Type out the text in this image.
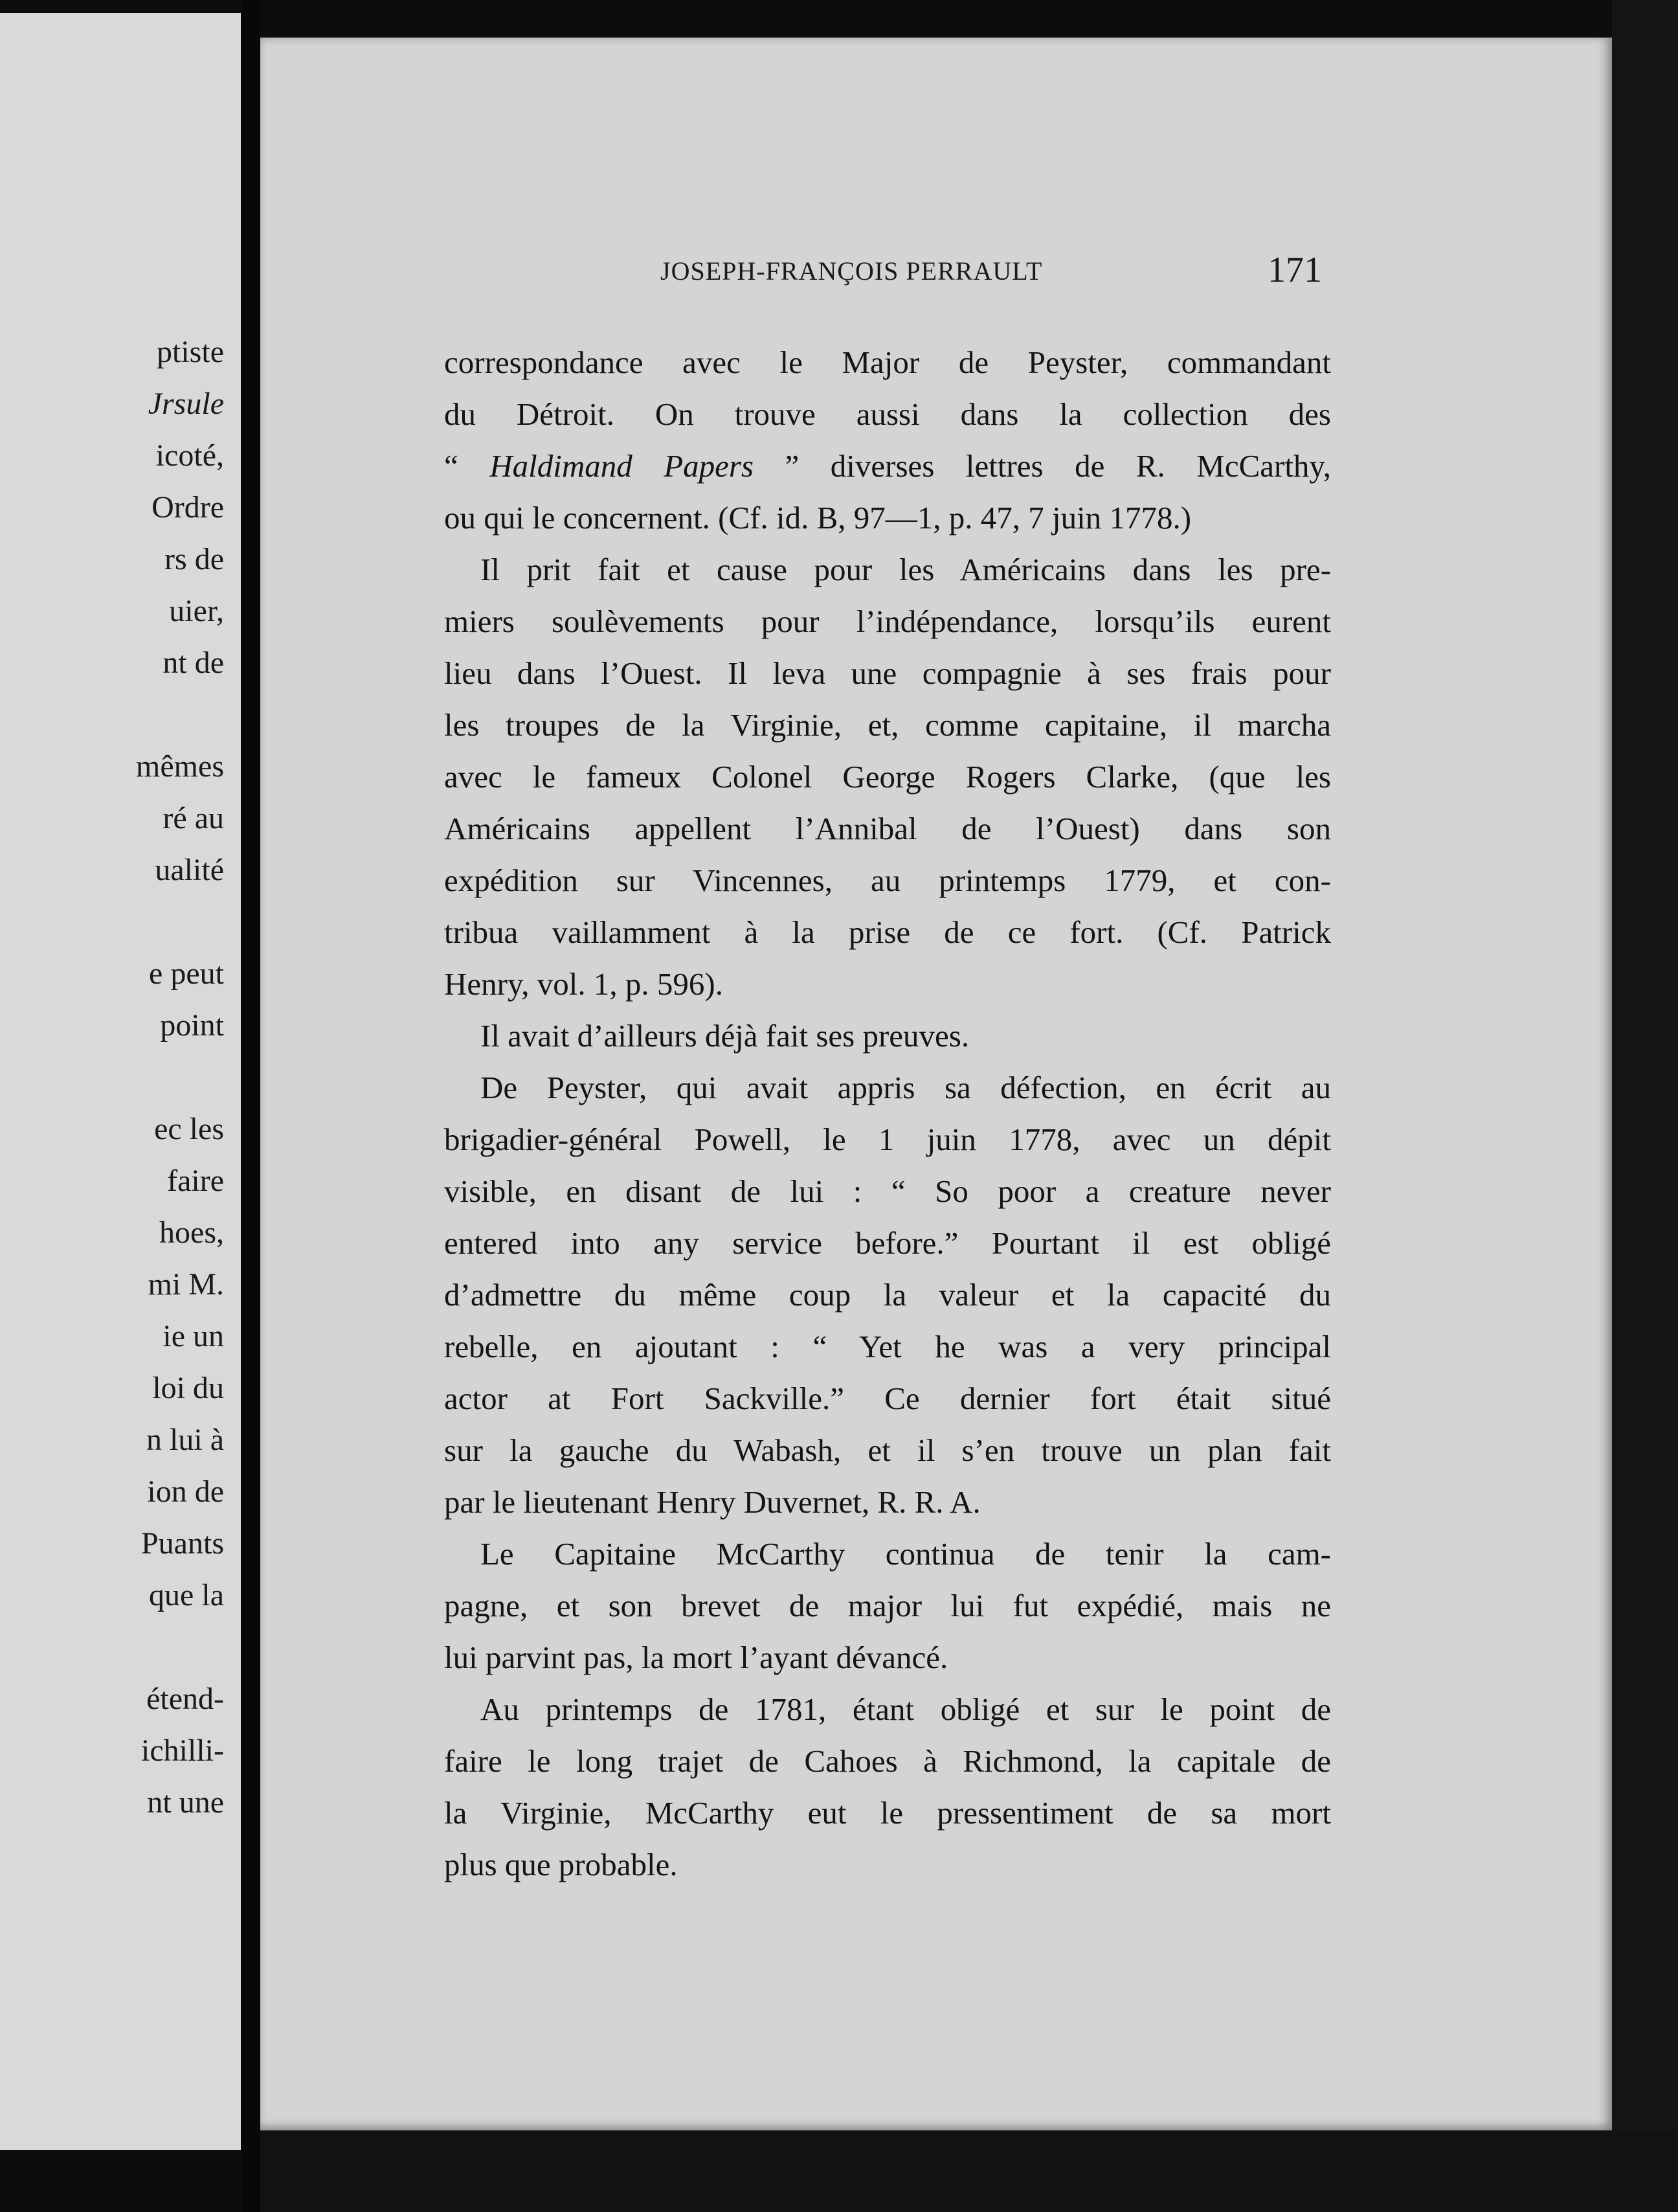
ptiste
Jrsule
icoté,
Ordre
rs de
uier,
nt de
mêmes
ré au
ualité
e peut
point
ec les
faire
hoes,
mi M.
ie un
loi du
n lui à
ion de
Puants
que la
étend-
ichilli-
nt une
JOSEPH-FRANÇOIS PERRAULT	171
correspondance avec le Major de Peyster, commandant
du Détroit. On trouve aussi dans la collection des
“ Haldimand Papers ” diverses lettres de R. McCarthy,
ou qui le concernent. (Cf. id. B, 97—1, p. 47, 7 juin 1778.)
Il prit fait et cause pour les Américains dans les pre-
miers soulèvements pour l’indépendance, lorsqu’ils eurent
lieu dans l’Ouest. Il leva une compagnie à ses frais pour
les troupes de la Virginie, et, comme capitaine, il marcha
avec le fameux Colonel George Rogers Clarke, (que les
Américains appellent l’Annibal de l’Ouest) dans son
expédition sur Vincennes, au printemps 1779, et con-
tribua vaillamment à la prise de ce fort. (Cf. Patrick
Henry, vol. 1, p. 596).
Il avait d’ailleurs déjà fait ses preuves.
De Peyster, qui avait appris sa défection, en écrit au
brigadier-général Powell, le 1 juin 1778, avec un dépit
visible, en disant de lui : “ So poor a creature never
entered into any service before.” Pourtant il est obligé
d’admettre du même coup la valeur et la capacité du
rebelle, en ajoutant : “ Yet he was a very principal
actor at Fort Sackville.” Ce dernier fort était situé
sur la gauche du Wabash, et il s’en trouve un plan fait
par le lieutenant Henry Duvernet, R. R. A.
Le Capitaine McCarthy continua de tenir la cam-
pagne, et son brevet de major lui fut expédié, mais ne
lui parvint pas, la mort l’ayant dévancé.
Au printemps de 1781, étant obligé et sur le point de
faire le long trajet de Cahoes à Richmond, la capitale de
la Virginie, McCarthy eut le pressentiment de sa mort
plus que probable.
